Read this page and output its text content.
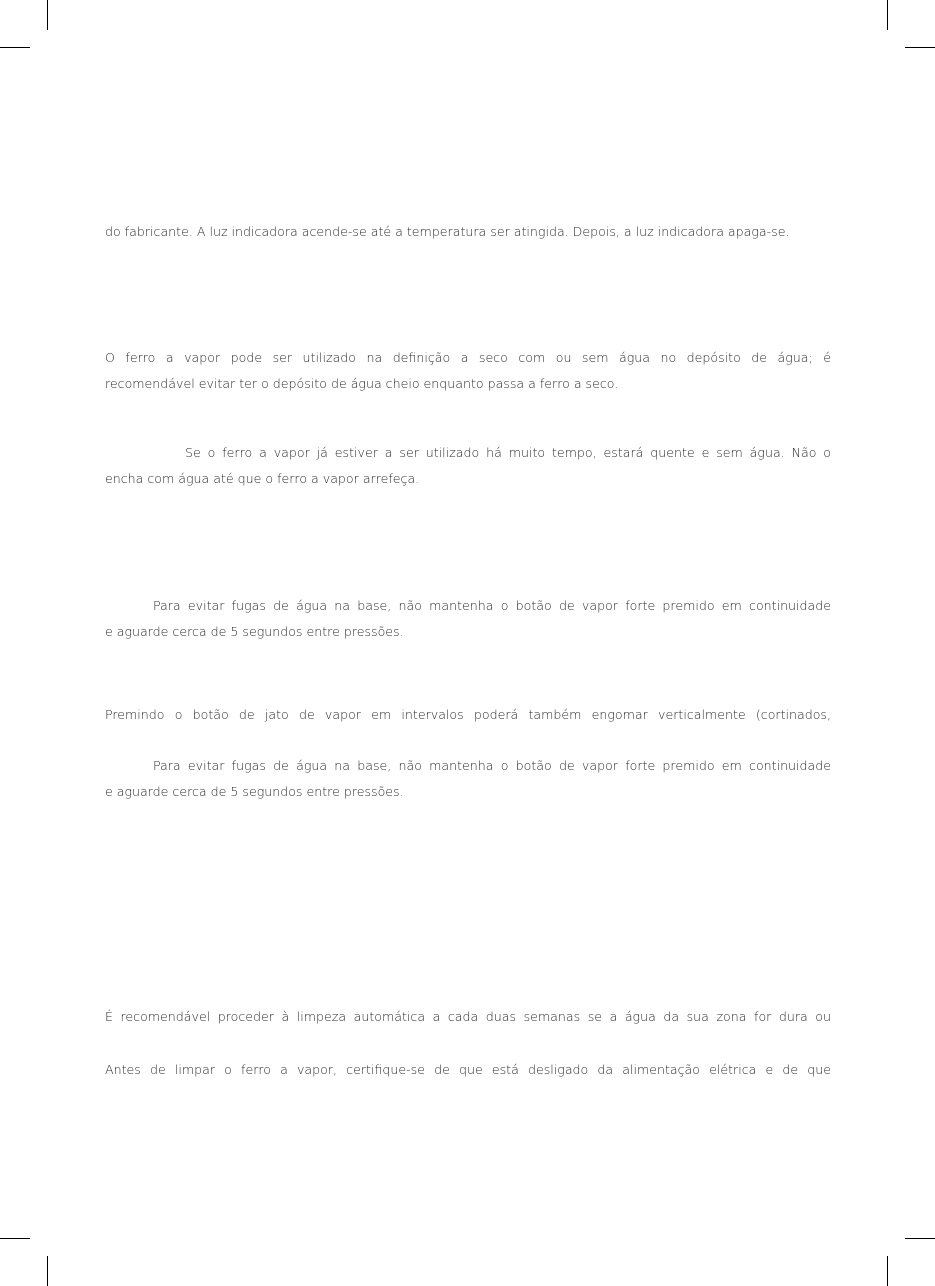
do fabricante. A luz indicadora acende-se até a temperatura ser atingida. Depois, a luz indicadora apaga-se.
O ferro a vapor pode ser utilizado na definição a seco com ou sem água no depósito de água; é
recomendável evitar ter o depósito de água cheio enquanto passa a ferro a seco.
Se o ferro a vapor já estiver a ser utilizado há muito tempo, estará quente e sem água. Não o
encha com água até que o ferro a vapor arrefeça.
Para evitar fugas de água na base, não mantenha o botão de vapor forte premido em continuidade
e aguarde cerca de 5 segundos entre pressões.
Premindo o botão de jato de vapor em intervalos poderá também engomar verticalmente (cortinados,
Para evitar fugas de água na base, não mantenha o botão de vapor forte premido em continuidade
e aguarde cerca de 5 segundos entre pressões.
É recomendável proceder à limpeza automática a cada duas semanas se a água da sua zona for dura ou
Antes de limpar o ferro a vapor, certifique-se de que está desligado da alimentação elétrica e de que
